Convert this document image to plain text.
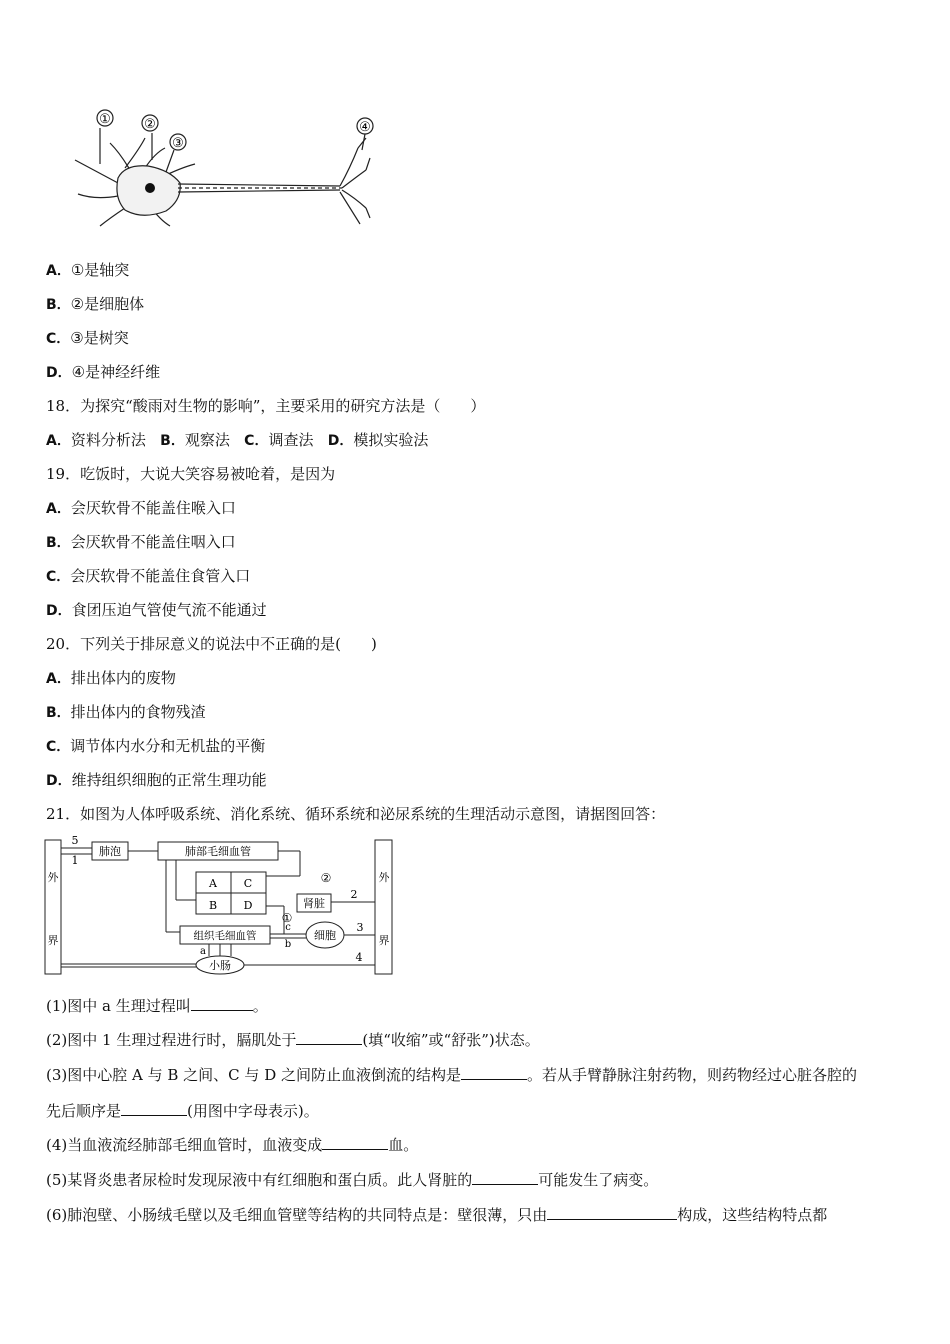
①	②
③
④
A．①是轴突
B．②是细胞体
C．③是树突
D．④是神经纤维
18．为探究“酸雨对生物的影响”，主要采用的研究方法是（　　）
A．资料分析法 B．观察法 C．调查法 D．模拟实验法
19．吃饭时，大说大笑容易被呛着，是因为
A．会厌软骨不能盖住喉入口
B．会厌软骨不能盖住咽入口
C．会厌软骨不能盖住食管入口
D．食团压迫气管使气流不能通过
20．下列关于排尿意义的说法中不正确的是(　　)
A．排出体内的废物
B．排出体内的食物残渣
C．调节体内水分和无机盐的平衡
D．维持组织细胞的正常生理功能
21．如图为人体呼吸系统、消化系统、循环系统和泌尿系统的生理活动示意图，请据图回答：
外
界
外
界
肺泡	肺部毛细血管
A
B
C
D	肾脏
组织毛细血管	细胞
小肠
5
1
2
3
4
a
b
c
①
②
(1)图中 a 生理过程叫	。
(2)图中 1 生理过程进行时，膈肌处于	(填“收缩”或“舒张”)状态。
(3)图中心腔 A 与 B 之间、C 与 D 之间防止血液倒流的结构是	。若从手臂静脉注射药物，则药物经过心脏各腔的
先后顺序是	(用图中字母表示)。
(4)当血液流经肺部毛细血管时，血液变成	血。
(5)某肾炎患者尿检时发现尿液中有红细胞和蛋白质。此人肾脏的	可能发生了病变。
(6)肺泡壁、小肠绒毛壁以及毛细血管壁等结构的共同特点是：壁很薄，只由	构成，这些结构特点都
